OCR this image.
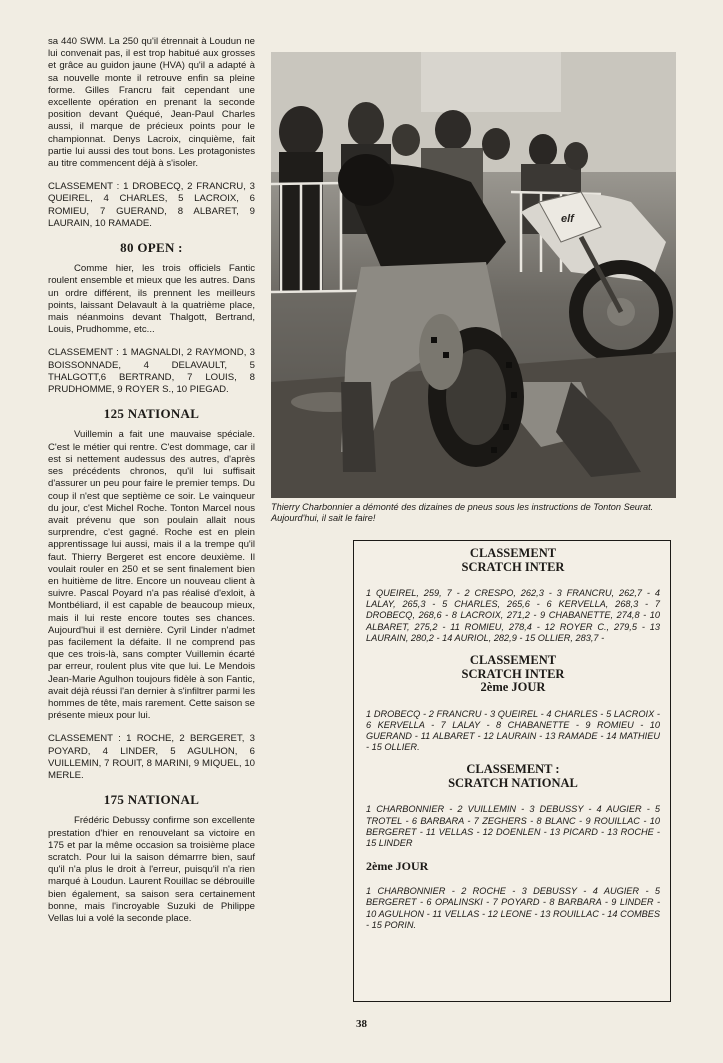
sa 440 SWM. La 250 qu'il étrennait à Loudun ne lui convenait pas, il est trop habitué aux grosses et grâce au guidon jaune (HVA) qu'il a adapté à sa nouvelle monte il retrouve enfin sa pleine forme. Gilles Francru fait cependant une excellente opération en prenant la seconde position devant Quéqué, Jean-Paul Charles aussi, il marque de précieux points pour le championnat. Denys Lacroix, cinquième, fait partie lui aussi des tout bons. Les protagonistes au titre commencent déjà à s'isoler.

CLASSEMENT : 1 DROBECQ, 2 FRANCRU, 3 QUEIREL, 4 CHARLES, 5 LACROIX, 6 ROMIEU, 7 GUERAND, 8 ALBARET, 9 LAURAIN, 10 RAMADE.

80 OPEN :

Comme hier, les trois officiels Fantic roulent ensemble et mieux que les autres. Dans un ordre différent, ils prennent les meilleurs points, laissant Delavault à la quatrième place, mais néanmoins devant Thalgott, Bertrand, Louis, Prudhomme, etc...

CLASSEMENT : 1 MAGNALDI, 2 RAYMOND, 3 BOISSONNADE, 4 DELAVAULT, 5 THALGOTT,6 BERTRAND, 7 LOUIS, 8 PRUDHOMME, 9 ROYER S., 10 PIEGAD.

125 NATIONAL

Vuillemin a fait une mauvaise spéciale. C'est le métier qui rentre. C'est dommage, car il est si nettement audessus des autres, d'après ses précédents chronos, qu'il lui suffisait d'assurer un peu pour faire le premier temps. Du coup il n'est que septième ce soir. Le vainqueur du jour, c'est Michel Roche. Tonton Marcel nous avait prévenu que son poulain allait nous surprendre, c'est gagné. Roche est en plein apprentissage lui aussi, mais il a la trempe qu'il faut. Thierry Bergeret est encore deuxième. Il voulait rouler en 250 et se sent finalement bien en huitième de litre. Encore un nouveau client à suivre. Pascal Poyard n'a pas réalisé d'exloit, à Montbéliard, il est capable de beaucoup mieux, mais il lui reste encore toutes ses chances. Aujourd'hui il est dernière. Cyril Linder n'admet pas facilement la défaite. Il ne comprend pas que ces trois-là, sans compter Vuillemin écarté par erreur, roulent plus vite que lui. Le Mendois Jean-Marie Agulhon toujours fidèle à son Fantic, avait déjà réussi l'an dernier à s'infiltrer parmi les hommes de tête, mais rarement. Cette saison se présente mieux pour lui.

CLASSEMENT : 1 ROCHE, 2 BERGERET, 3 POYARD, 4 LINDER, 5 AGULHON, 6 VUILLEMIN, 7 ROUIT, 8 MARINI, 9 MIQUEL, 10 MERLE.

175 NATIONAL

Frédéric Debussy confirme son excellente prestation d'hier en renouvelant sa victoire en 175 et par la même occasion sa troisième place scratch. Pour lui la saison démarrre bien, sauf qu'il n'a plus le droit à l'erreur, puisqu'il n'a rien marqué à Loudun. Laurent Rouillac se débrouille bien également, sa saison sera certainement bonne, mais l'incroyable Suzuki de Philippe Vellas lui a volé la seconde place.

elf
Thierry Charbonnier a démonté des dizaines de pneus sous les instructions de Tonton Seurat. Aujourd'hui, il sait le faire!
CLASSEMENT
SCRATCH INTER

1 QUEIREL, 259, 7 - 2 CRESPO, 262,3 - 3 FRANCRU, 262,7 - 4 LALAY, 265,3 - 5 CHARLES, 265,6 - 6 KERVELLA, 268,3 - 7 DROBECQ, 268,6 - 8 LACROIX, 271,2 - 9 CHABANETTE, 274,8 - 10 ALBARET, 275,2 - 11 ROMIEU, 278,4 - 12 ROYER C., 279,5 - 13 LAURAIN, 280,2 - 14 AURIOL, 282,9 - 15 OLLIER, 283,7 -

CLASSEMENT
SCRATCH INTER
2ème JOUR

1 DROBECQ - 2 FRANCRU - 3 QUEIREL - 4 CHARLES - 5 LACROIX - 6 KERVELLA - 7 LALAY - 8 CHABANETTE - 9 ROMIEU - 10 GUERAND - 11 ALBARET - 12 LAURAIN - 13 RAMADE - 14 MATHIEU - 15 OLLIER.

CLASSEMENT :
SCRATCH NATIONAL

1 CHARBONNIER - 2 VUILLEMIN - 3 DEBUSSY - 4 AUGIER - 5 TROTEL - 6 BARBARA - 7 ZEGHERS - 8 BLANC - 9 ROUILLAC - 10 BERGERET - 11 VELLAS - 12 DOENLEN - 13 PICARD - 13 ROCHE - 15 LINDER

2ème JOUR

1 CHARBONNIER - 2 ROCHE - 3 DEBUSSY - 4 AUGIER - 5 BERGERET - 6 OPALINSKI - 7 POYARD - 8 BARBARA - 9 LINDER - 10 AGULHON - 11 VELLAS - 12 LEONE - 13 ROUILLAC - 14 COMBES - 15 PORIN.

38
